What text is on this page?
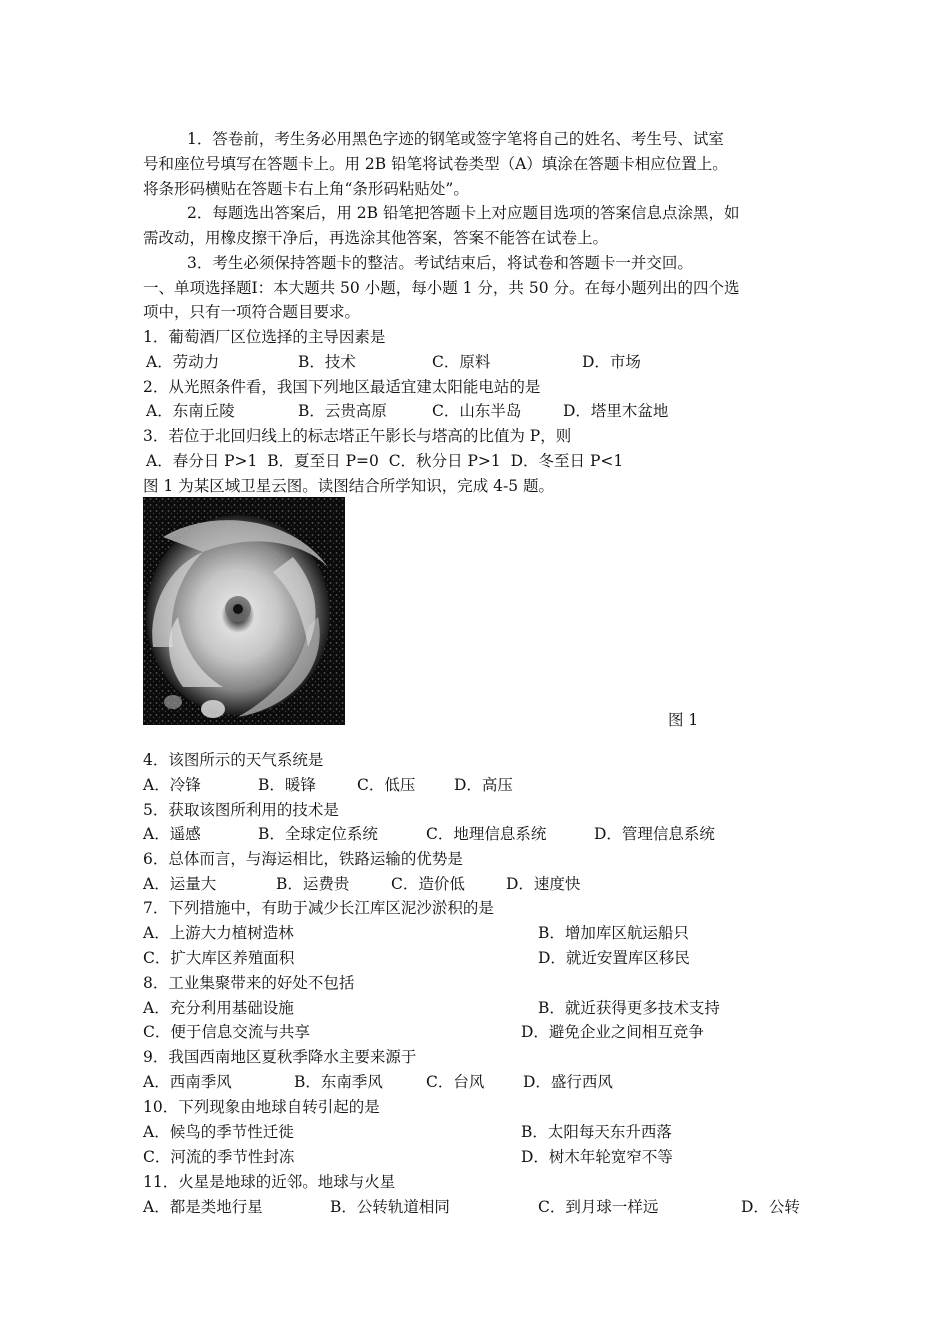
1．答卷前，考生务必用黑色字迹的钢笔或签字笔将自己的姓名、考生号、试室
号和座位号填写在答题卡上。用 2B 铅笔将试卷类型（A）填涂在答题卡相应位置上。
将条形码横贴在答题卡右上角“条形码粘贴处”。
2．每题选出答案后，用 2B 铅笔把答题卡上对应题目选项的答案信息点涂黑，如
需改动，用橡皮擦干净后，再选涂其他答案，答案不能答在试卷上。
3．考生必须保持答题卡的整洁。考试结束后，将试卷和答题卡一并交回。
一、单项选择题Ⅰ：本大题共 50 小题，每小题 1 分，共 50 分。在每小题列出的四个选
项中，只有一项符合题目要求。
1．葡萄酒厂区位选择的主导因素是
A．劳动力	B．技术	C．原料	D．市场
2．从光照条件看，我国下列地区最适宜建太阳能电站的是
A．东南丘陵	B．云贵高原	C．山东半岛	D．塔里木盆地
3．若位于北回归线上的标志塔正午影长与塔高的比值为 P，则
A．春分日 P>1  B．夏至日 P=0  C．秋分日 P>1  D．冬至日 P<1
图 1 为某区域卫星云图。读图结合所学知识，完成 4-5 题。
图 1
4．该图所示的天气系统是
A．冷锋	B．暖锋	C．低压 D．高压
5．获取该图所利用的技术是
A．遥感	B．全球定位系统	C．地理信息系统	D．管理信息系统
6．总体而言，与海运相比，铁路运输的优势是
A．运量大	B．运费贵	C．造价低	D．速度快
7．下列措施中，有助于减少长江库区泥沙淤积的是
A．上游大力植树造林	B．增加库区航运船只
C．扩大库区养殖面积	D．就近安置库区移民
8．工业集聚带来的好处不包括
A．充分利用基础设施	B．就近获得更多技术支持
C．便于信息交流与共享	D．避免企业之间相互竞争
9．我国西南地区夏秋季降水主要来源于
A．西南季风	B．东南季风	C．台风 D．盛行西风
10．下列现象由地球自转引起的是
A．候鸟的季节性迁徙	B．太阳每天东升西落
C．河流的季节性封冻	D．树木年轮宽窄不等
11．火星是地球的近邻。地球与火星
A．都是类地行星	B．公转轨道相同	C．到月球一样远	D．公转
